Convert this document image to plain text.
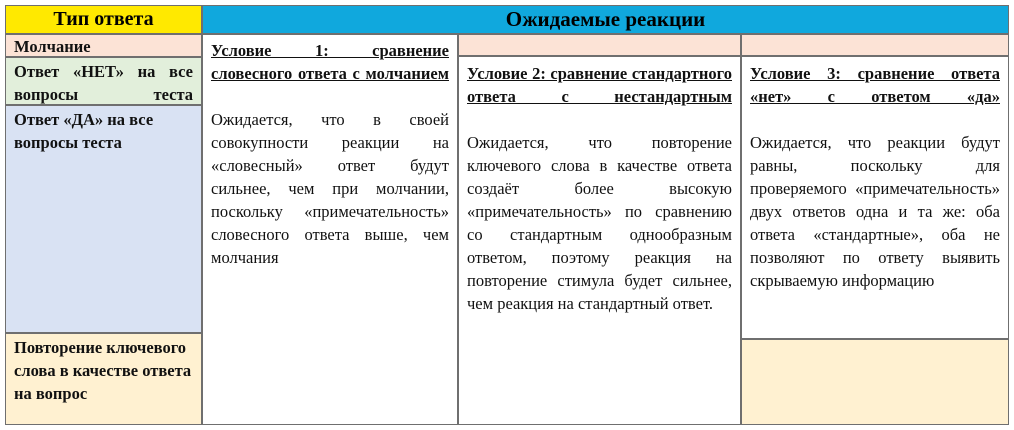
Тип ответа	Ожидаемые реакции
Молчание
Ответ «НЕТ» на все вопросы теста
Ответ «ДА» на все вопросы теста
Повторение ключевого слова в качестве ответа на вопрос
Условие 1: сравнение словесного ответа с молчанием
Ожидается, что в своей совокупности реакции на «словесный» ответ будут сильнее, чем при молчании, поскольку «примечательность» словесного ответа выше, чем молчания
Условие 2: сравнение стандартного ответа с нестандартным
Ожидается, что повторение ключевого слова в качестве ответа создаёт более высокую «примечательность» по сравнению со стандартным однообразным ответом, поэтому реакция на повторение стимула будет сильнее, чем реакция на стандартный ответ.
Условие 3: сравнение ответа «нет» с ответом «да»
Ожидается, что реакции будут равны, поскольку для проверяемого «примечательность» двух ответов одна и та же: оба ответа «стандартные», оба не позволяют по ответу выявить скрываемую информацию
